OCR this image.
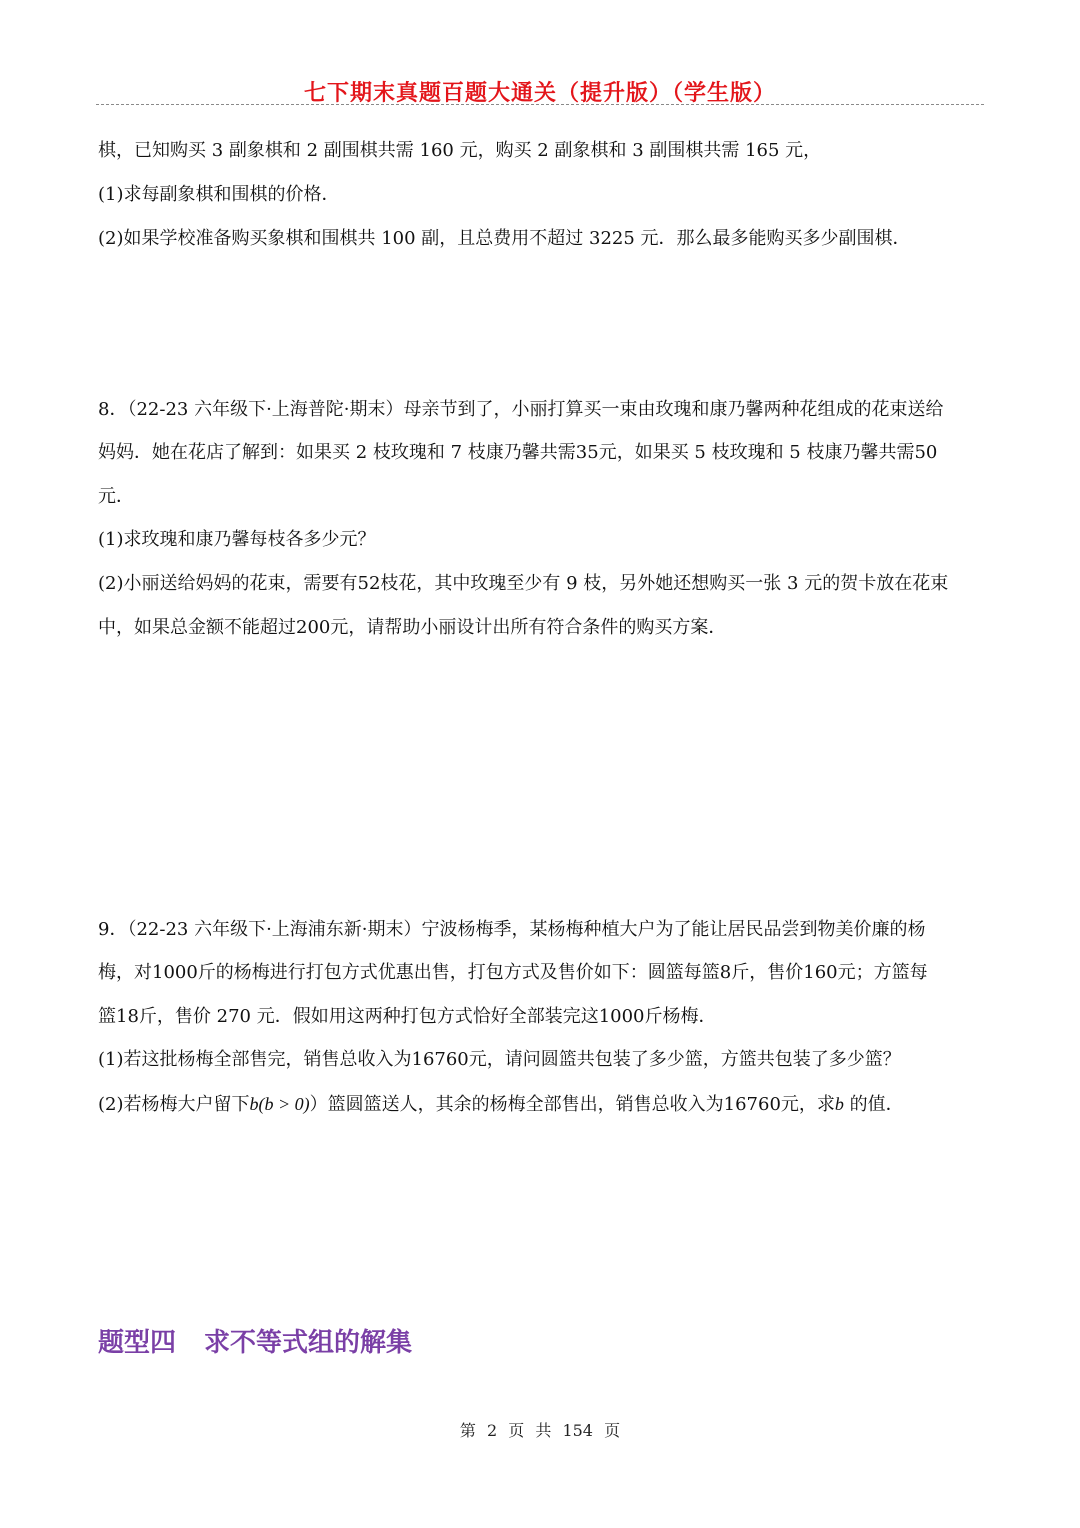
七下期末真题百题大通关（提升版）（学生版）
棋，已知购买 3 副象棋和 2 副围棋共需 160 元，购买 2 副象棋和 3 副围棋共需 165 元，
(1)求每副象棋和围棋的价格．
(2)如果学校准备购买象棋和围棋共 100 副，且总费用不超过 3225 元．那么最多能购买多少副围棋．
8．（22-23 六年级下·上海普陀·期末）母亲节到了，小丽打算买一束由玫瑰和康乃馨两种花组成的花束送给
妈妈．她在花店了解到：如果买 2 枝玫瑰和 7 枝康乃馨共需35元，如果买 5 枝玫瑰和 5 枝康乃馨共需50
元．
(1)求玫瑰和康乃馨每枝各多少元？
(2)小丽送给妈妈的花束，需要有52枝花，其中玫瑰至少有 9 枝，另外她还想购买一张 3 元的贺卡放在花束
中，如果总金额不能超过200元，请帮助小丽设计出所有符合条件的购买方案．
9．（22-23 六年级下·上海浦东新·期末）宁波杨梅季，某杨梅种植大户为了能让居民品尝到物美价廉的杨
梅，对1000斤的杨梅进行打包方式优惠出售，打包方式及售价如下：圆篮每篮8斤，售价160元；方篮每
篮18斤，售价 270 元．假如用这两种打包方式恰好全部装完这1000斤杨梅．
(1)若这批杨梅全部售完，销售总收入为16760元，请问圆篮共包装了多少篮，方篮共包装了多少篮？
(2)若杨梅大户留下b(b > 0)）篮圆篮送人，其余的杨梅全部售出，销售总收入为16760元，求b 的值．
题型四 求不等式组的解集
第 2 页 共 154 页
